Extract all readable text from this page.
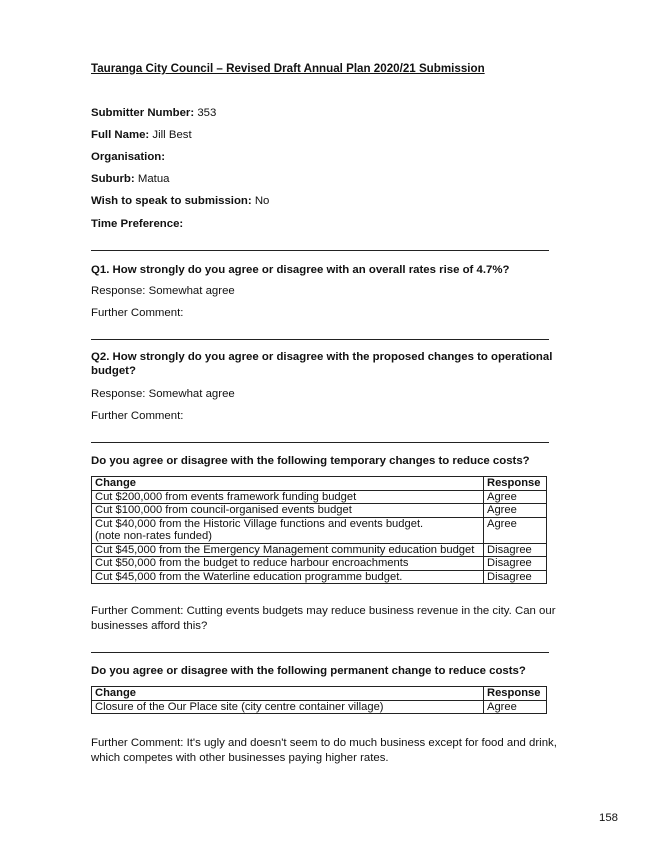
Tauranga City Council – Revised Draft Annual Plan 2020/21 Submission
Submitter Number: 353
Full Name: Jill Best
Organisation:
Suburb: Matua
Wish to speak to submission: No
Time Preference:
Q1. How strongly do you agree or disagree with an overall rates rise of 4.7%?
Response: Somewhat agree
Further Comment:
Q2. How strongly do you agree or disagree with the proposed changes to operational budget?
Response: Somewhat agree
Further Comment:
Do you agree or disagree with the following temporary changes to reduce costs?
Change	Response
Cut $200,000 from events framework funding budget	Agree
Cut $100,000 from council-organised events budget	Agree
Cut $40,000 from the Historic Village functions and events budget.
(note non-rates funded)	Agree
Cut $45,000 from the Emergency Management community education budget	Disagree
Cut $50,000 from the budget to reduce harbour encroachments	Disagree
Cut $45,000 from the Waterline education programme budget.	Disagree
Further Comment: Cutting events budgets may reduce business revenue in the city. Can our businesses afford this?
Do you agree or disagree with the following permanent change to reduce costs?
Change	Response
Closure of the Our Place site (city centre container village)	Agree
Further Comment: It's ugly and doesn't seem to do much business except for food and drink, which competes with other businesses paying higher rates.
158
